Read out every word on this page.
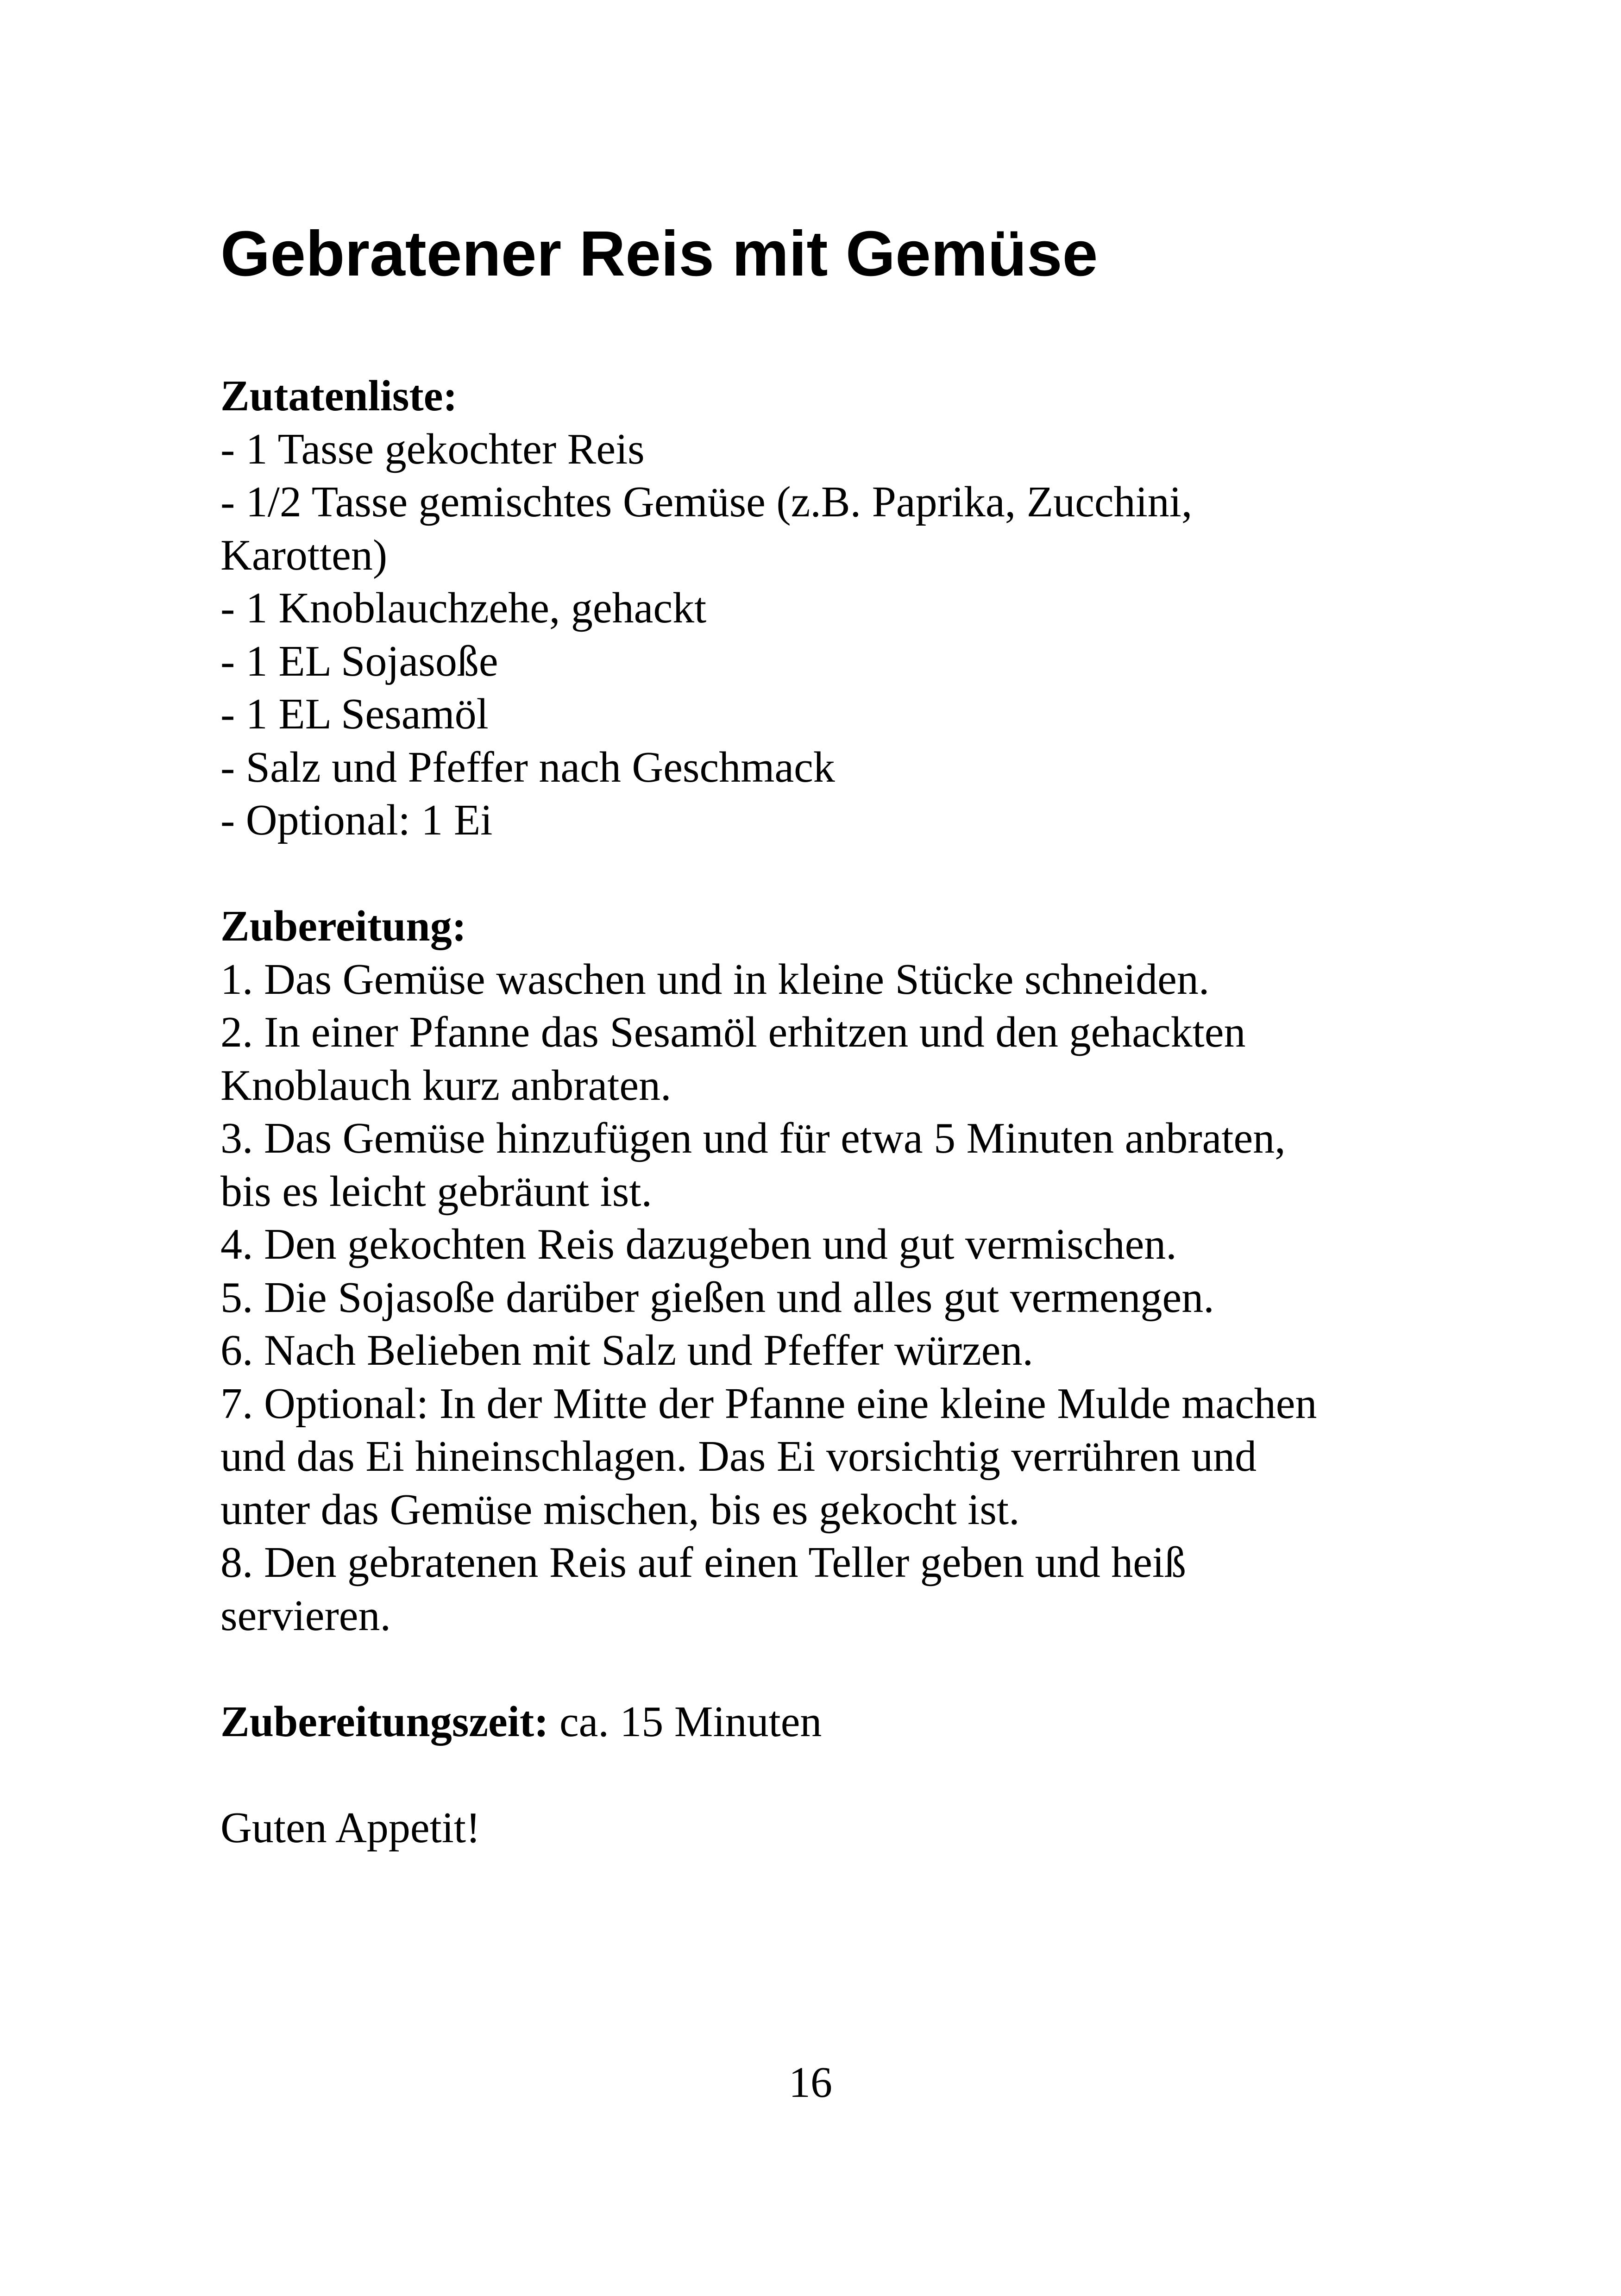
Gebratener Reis mit Gemüse
Zutatenliste:
- 1 Tasse gekochter Reis
- 1/2 Tasse gemischtes Gemüse (z.B. Paprika, Zucchini,
Karotten)
- 1 Knoblauchzehe, gehackt
- 1 EL Sojasoße
- 1 EL Sesamöl
- Salz und Pfeffer nach Geschmack
- Optional: 1 Ei
Zubereitung:
1. Das Gemüse waschen und in kleine Stücke schneiden.
2. In einer Pfanne das Sesamöl erhitzen und den gehackten
Knoblauch kurz anbraten.
3. Das Gemüse hinzufügen und für etwa 5 Minuten anbraten,
bis es leicht gebräunt ist.
4. Den gekochten Reis dazugeben und gut vermischen.
5. Die Sojasoße darüber gießen und alles gut vermengen.
6. Nach Belieben mit Salz und Pfeffer würzen.
7. Optional: In der Mitte der Pfanne eine kleine Mulde machen
und das Ei hineinschlagen. Das Ei vorsichtig verrühren und
unter das Gemüse mischen, bis es gekocht ist.
8. Den gebratenen Reis auf einen Teller geben und heiß
servieren.
Zubereitungszeit: ca. 15 Minuten
Guten Appetit!
16
